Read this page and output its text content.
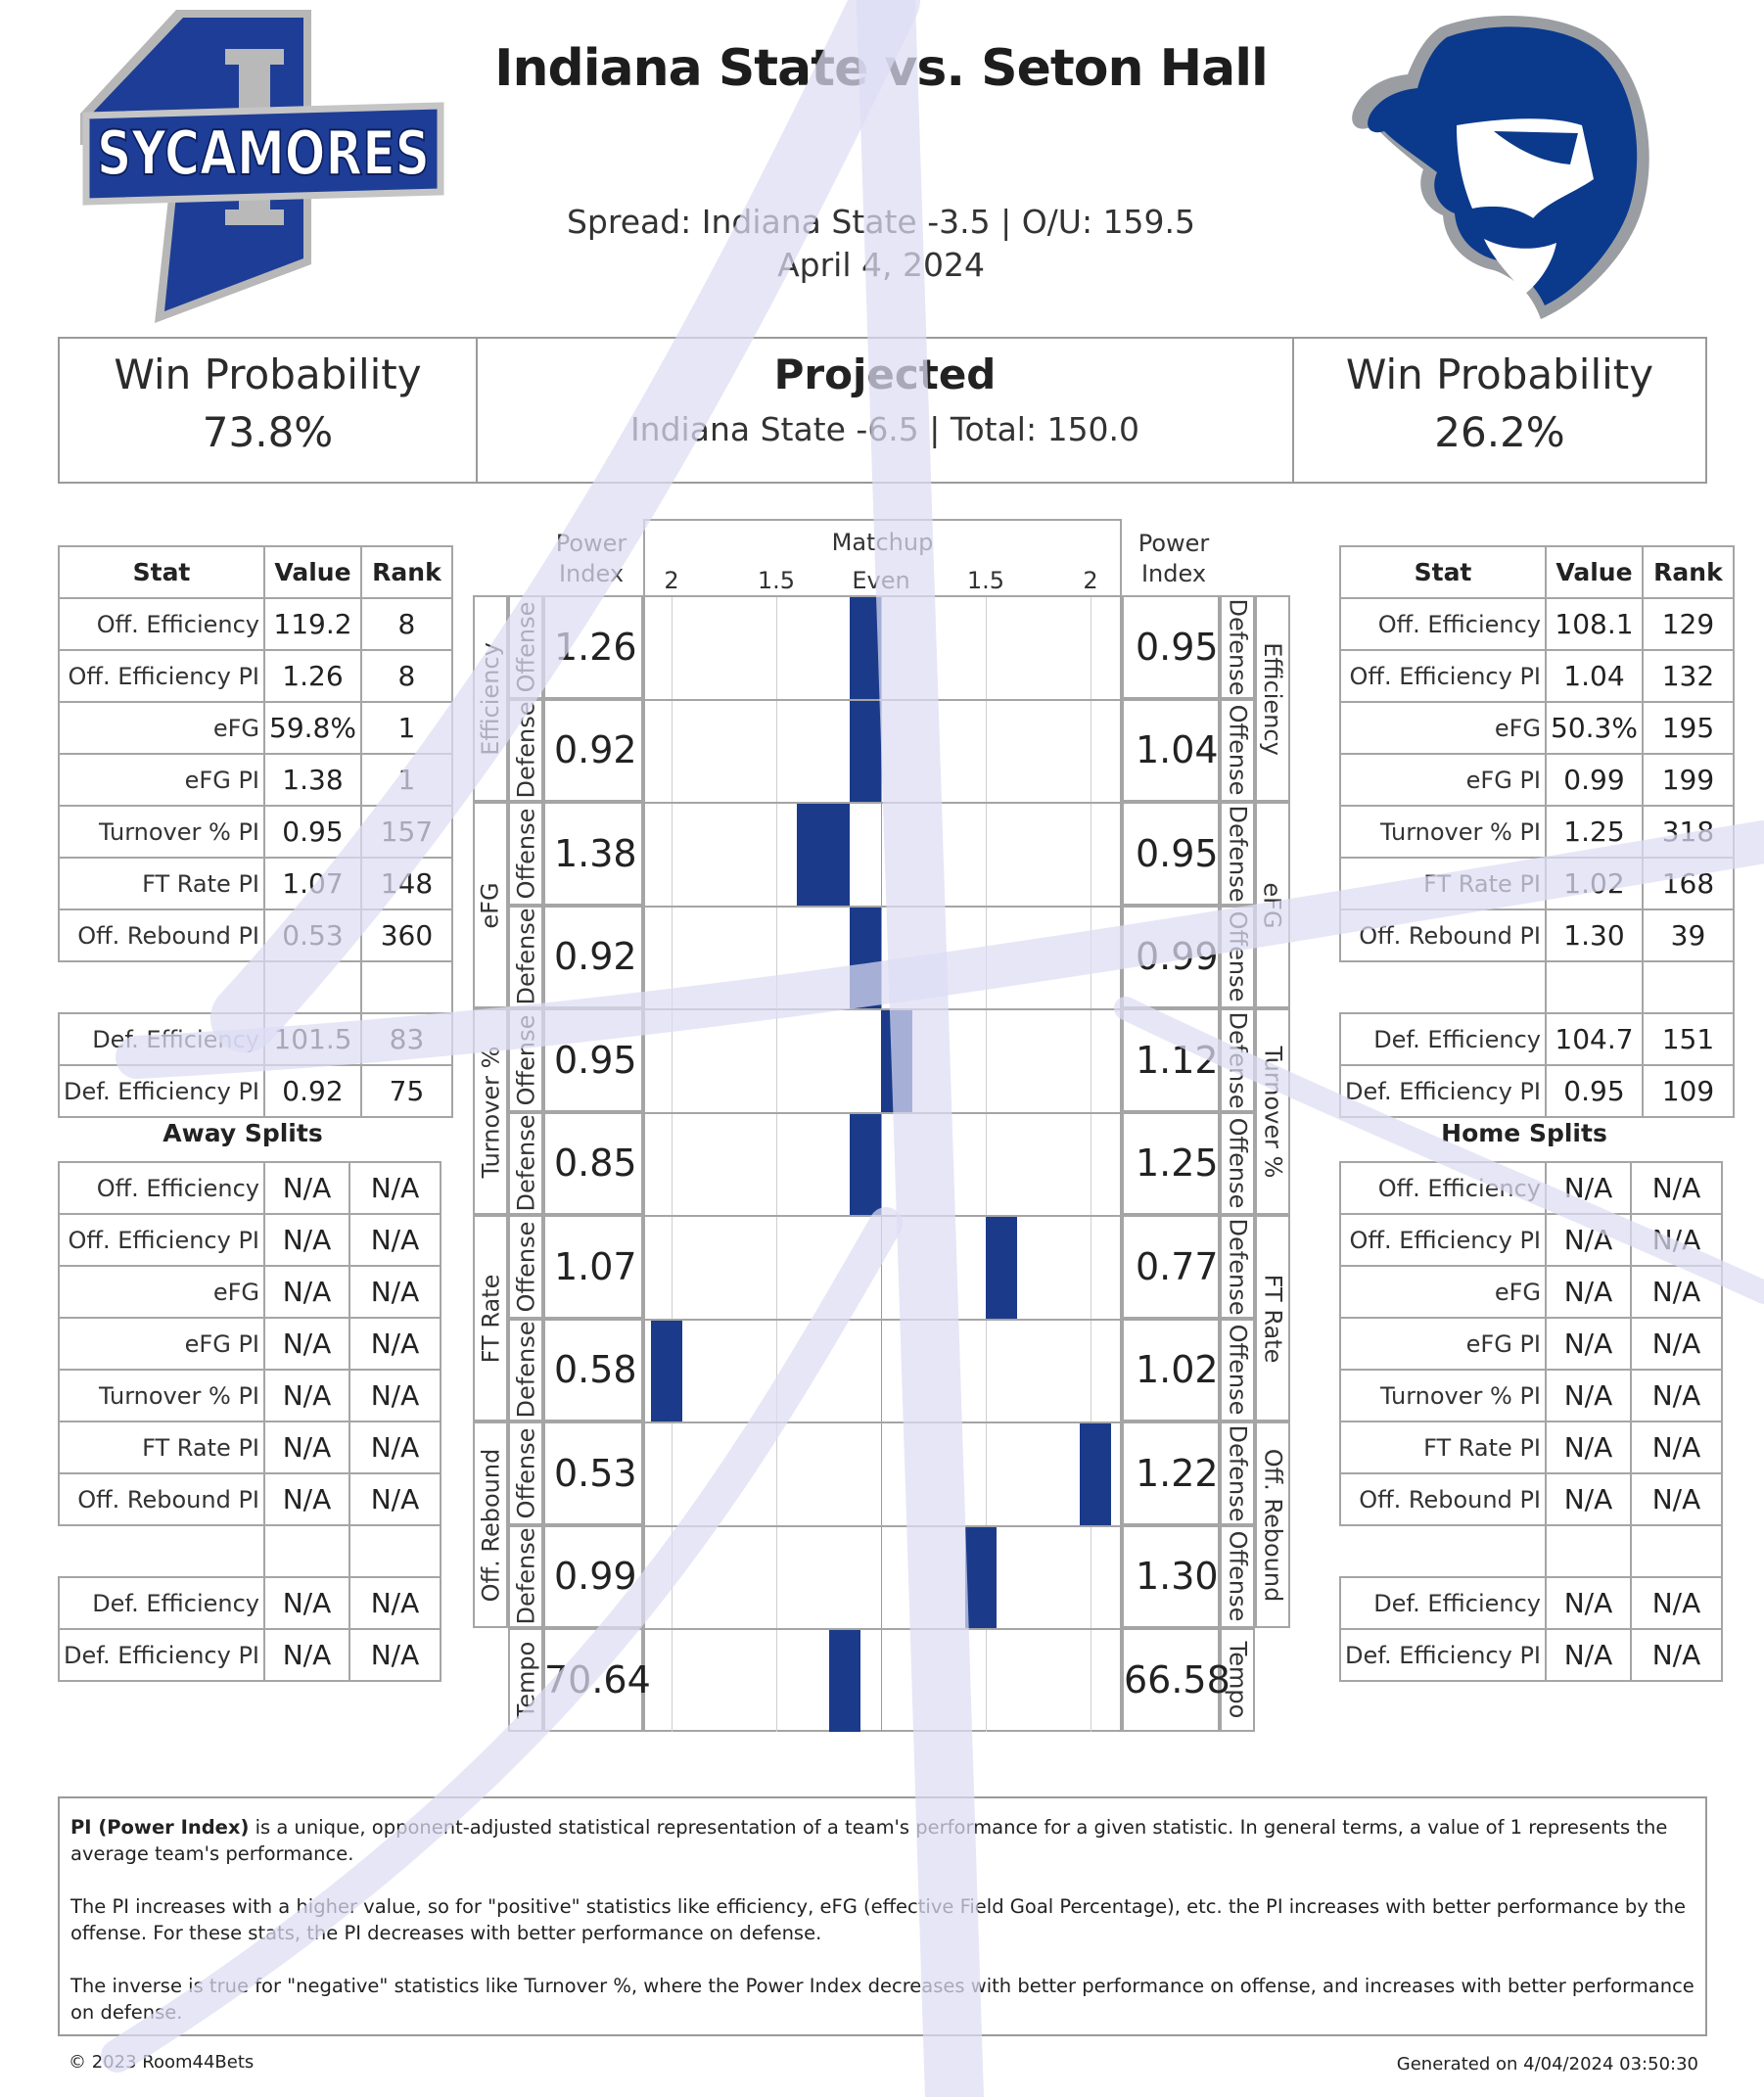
SYCAMORES
Indiana State vs. Seton Hall
Spread: Indiana State -3.5 | O/U: 159.5
April 4, 2024
Win Probability
73.8%
Projected
Indiana State -6.5 | Total: 150.0
Win Probability
26.2%
Stat	Value	Rank
Off. Efficiency	119.2	8
Off. Efficiency PI	1.26	8
eFG	59.8%	1
eFG PI	1.38	1
Turnover % PI	0.95	157
FT Rate PI	1.07	148
Off. Rebound PI	0.53	360

Def. Efficiency	101.5	83
Def. Efficiency PI	0.92	75
Away Splits
Off. Efficiency	N/A	N/A
Off. Efficiency PI	N/A	N/A
eFG	N/A	N/A
eFG PI	N/A	N/A
Turnover % PI	N/A	N/A
FT Rate PI	N/A	N/A
Off. Rebound PI	N/A	N/A

Def. Efficiency	N/A	N/A
Def. Efficiency PI	N/A	N/A
Stat	Value	Rank
Off. Efficiency	108.1	129
Off. Efficiency PI	1.04	132
eFG	50.3%	195
eFG PI	0.99	199
Turnover % PI	1.25	318
FT Rate PI	1.02	168
Off. Rebound PI	1.30	39

Def. Efficiency	104.7	151
Def. Efficiency PI	0.95	109
Home Splits
Off. Efficiency	N/A	N/A
Off. Efficiency PI	N/A	N/A
eFG	N/A	N/A
eFG PI	N/A	N/A
Turnover % PI	N/A	N/A
FT Rate PI	N/A	N/A
Off. Rebound PI	N/A	N/A

Def. Efficiency	N/A	N/A
Def. Efficiency PI	N/A	N/A
Power
Index
Power
Index
Matchup
2	1.5	Even	1.5	2
Efficiency	Efficiency
eFG	eFG
Turnover %	Turnover %
FT Rate	FT Rate
Off. Rebound	Off. Rebound
Offense	Defense
1.26	0.95
Defense	Offense
0.92	1.04
Offense	Defense
1.38	0.95
Defense	Offense
0.92	0.99
Offense	Defense
0.95	1.12
Defense	Offense
0.85	1.25
Offense	Defense
1.07	0.77
Defense	Offense
0.58	1.02
Offense	Defense
0.53	1.22
Defense	Offense
0.99	1.30
Tempo	Tempo
70.64	66.58

PI (Power Index) is a unique, opponent-adjusted statistical representation of a team's performance for a given statistic. In general terms, a value of 1 represents the average team's performance.

The PI increases with a higher value, so for "positive" statistics like efficiency, eFG (effective Field Goal Percentage), etc. the PI increases with better performance by the offense. For these stats, the PI decreases with better performance on defense.

The inverse is true for "negative" statistics like Turnover %, where the Power Index decreases with better performance on offense, and increases with better performance on defense.

© 2023 Room44Bets	Generated on 4/04/2024 03:50:30
